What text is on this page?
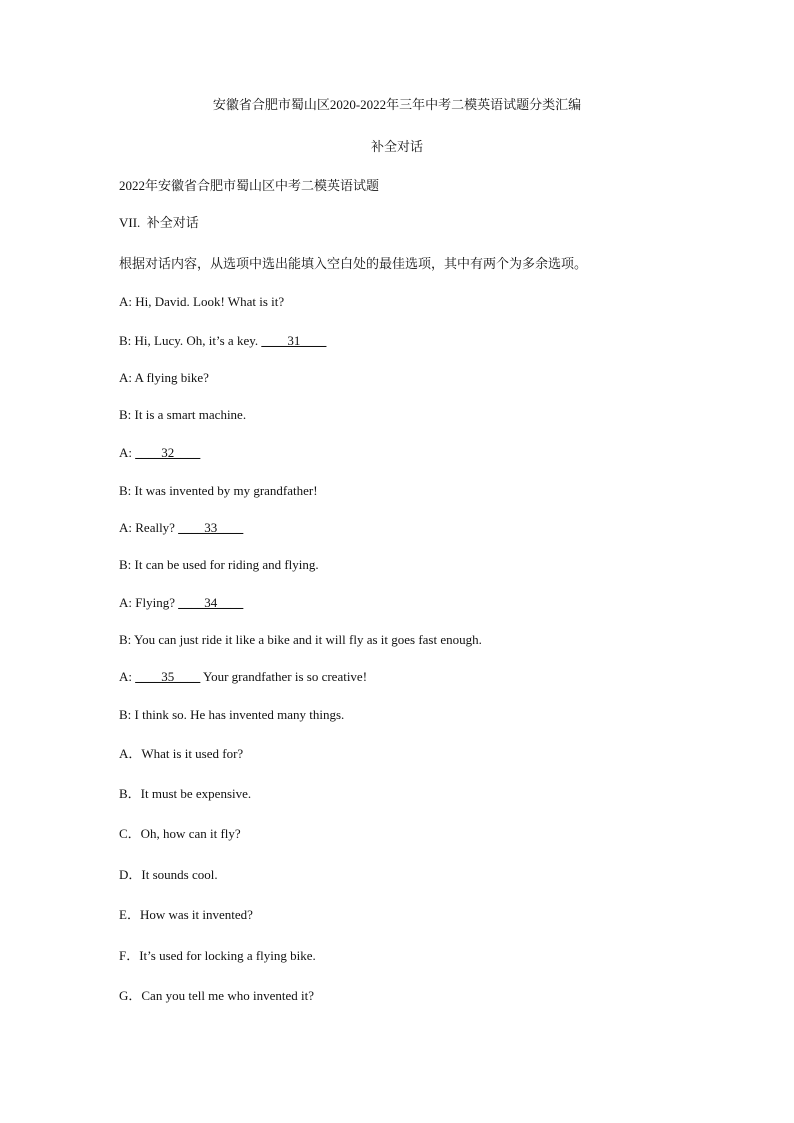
安徽省合肥市蜀山区2020-2022年三年中考二模英语试题分类汇编
补全对话
2022年安徽省合肥市蜀山区中考二模英语试题
VII.  补全对话
根据对话内容，从选项中选出能填入空白处的最佳选项，其中有两个为多余选项。
A: Hi, David. Look! What is it?
B: Hi, Lucy. Oh, it’s a key. ____31____
A: A flying bike?
B: It is a smart machine.
A: ____32____
B: It was invented by my grandfather!
A: Really? ____33____
B: It can be used for riding and flying.
A: Flying? ____34____
B: You can just ride it like a bike and it will fly as it goes fast enough.
A: ____35____ Your grandfather is so creative!
B: I think so. He has invented many things.
A．What is it used for?
B．It must be expensive.
C．Oh, how can it fly?
D．It sounds cool.
E．How was it invented?
F．It’s used for locking a flying bike.
G．Can you tell me who invented it?
